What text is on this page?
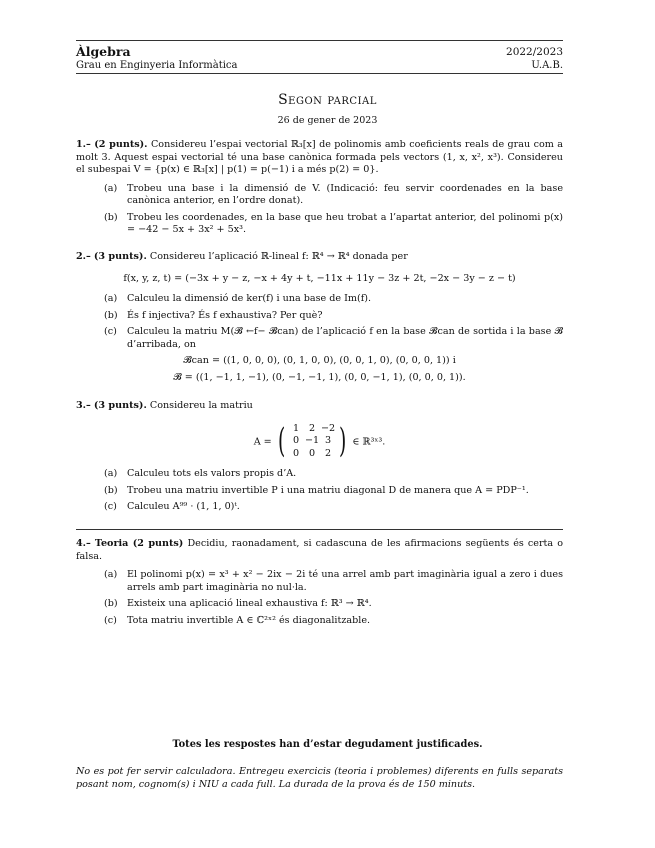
Àlgebra
Grau en Enginyeria Informàtica
2022/2023
U.A.B.
Segon parcial
26 de gener de 2023
1.– (2 punts). Considereu l’espai vectorial ℝ₃[x] de polinomis amb coeficients reals de grau com a molt 3. Aquest espai vectorial té una base canònica formada pels vectors (1, x, x², x³). Considereu el subespai V = {p(x) ∈ ℝ₃[x] | p(1) = p(−1) i a més p(2) = 0}.
(a)	Trobeu una base i la dimensió de V. (Indicació: feu servir coordenades en la base canònica anterior, en l’ordre donat).
(b) Trobeu les coordenades, en la base que heu trobat a l’apartat anterior, del polinomi p(x) = −42 − 5x + 3x² + 5x³.
2.– (3 punts). Considereu l’aplicació ℝ-lineal f: ℝ⁴ → ℝ⁴ donada per
f(x, y, z, t) = (−3x + y − z, −x + 4y + t, −11x + 11y − 3z + 2t, −2x − 3y − z − t)
(a)	Calculeu la dimensió de ker(f) i una base de Im(f).
(b) És f injectiva? És f exhaustiva? Per què?
(c)	Calculeu la matriu M(𝓑 ←f− 𝓑can) de l’aplicació f en la base 𝓑can de sortida i la base 𝓑 d’arribada, on
𝓑can = ((1, 0, 0, 0), (0, 1, 0, 0), (0, 0, 1, 0), (0, 0, 0, 1)) i
𝓑 = ((1, −1, 1, −1), (0, −1, −1, 1), (0, 0, −1, 1), (0, 0, 0, 1)).
3.– (3 punts). Considereu la matriu
A = ( 1	2 −2
0 −1 3
0	0	2 ) ∈ ℝ³ˣ³.
(a)	Calculeu tots els valors propis d’A.
(b) Trobeu una matriu invertible P i una matriu diagonal D de manera que A = PDP⁻¹.
(c)	Calculeu A⁹⁹ · (1, 1, 0)ᵗ.
4.– Teoria (2 punts) Decidiu, raonadament, si cadascuna de les afirmacions següents és certa o falsa.
(a)	El polinomi p(x) = x³ + x² − 2ix − 2i té una arrel amb part imaginària igual a zero i dues arrels amb part imaginària no nul·la.
(b) Existeix una aplicació lineal exhaustiva f: ℝ³ → ℝ⁴.
(c)	Tota matriu invertible A ∈ ℂ²ˣ² és diagonalitzable.
Totes les respostes han d’estar degudament justificades.
No es pot fer servir calculadora. Entregeu exercicis (teoria i problemes) diferents en fulls separats posant nom, cognom(s) i NIU a cada full. La durada de la prova és de 150 minuts.
